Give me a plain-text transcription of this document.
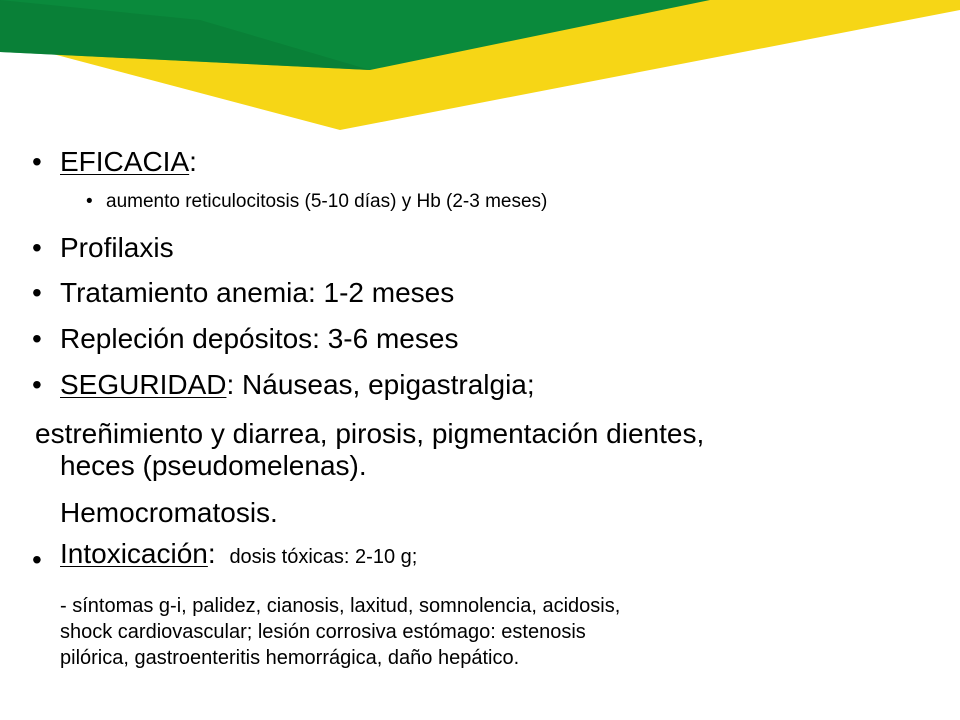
• EFICACIA:
• aumento reticulocitosis (5-10 días) y Hb (2-3 meses)
• Profilaxis
• Tratamiento anemia: 1-2 meses
• Repleción depósitos: 3-6 meses
• SEGURIDAD: Náuseas, epigastralgia;
estreñimiento y diarrea, pirosis, pigmentación dientes,
heces (pseudomelenas).
Hemocromatosis.
• Intoxicación: dosis tóxicas: 2-10 g;
- síntomas g-i, palidez, cianosis, laxitud, somnolencia, acidosis,
shock cardiovascular; lesión corrosiva estómago: estenosis
pilórica, gastroenteritis hemorrágica, daño hepático.
